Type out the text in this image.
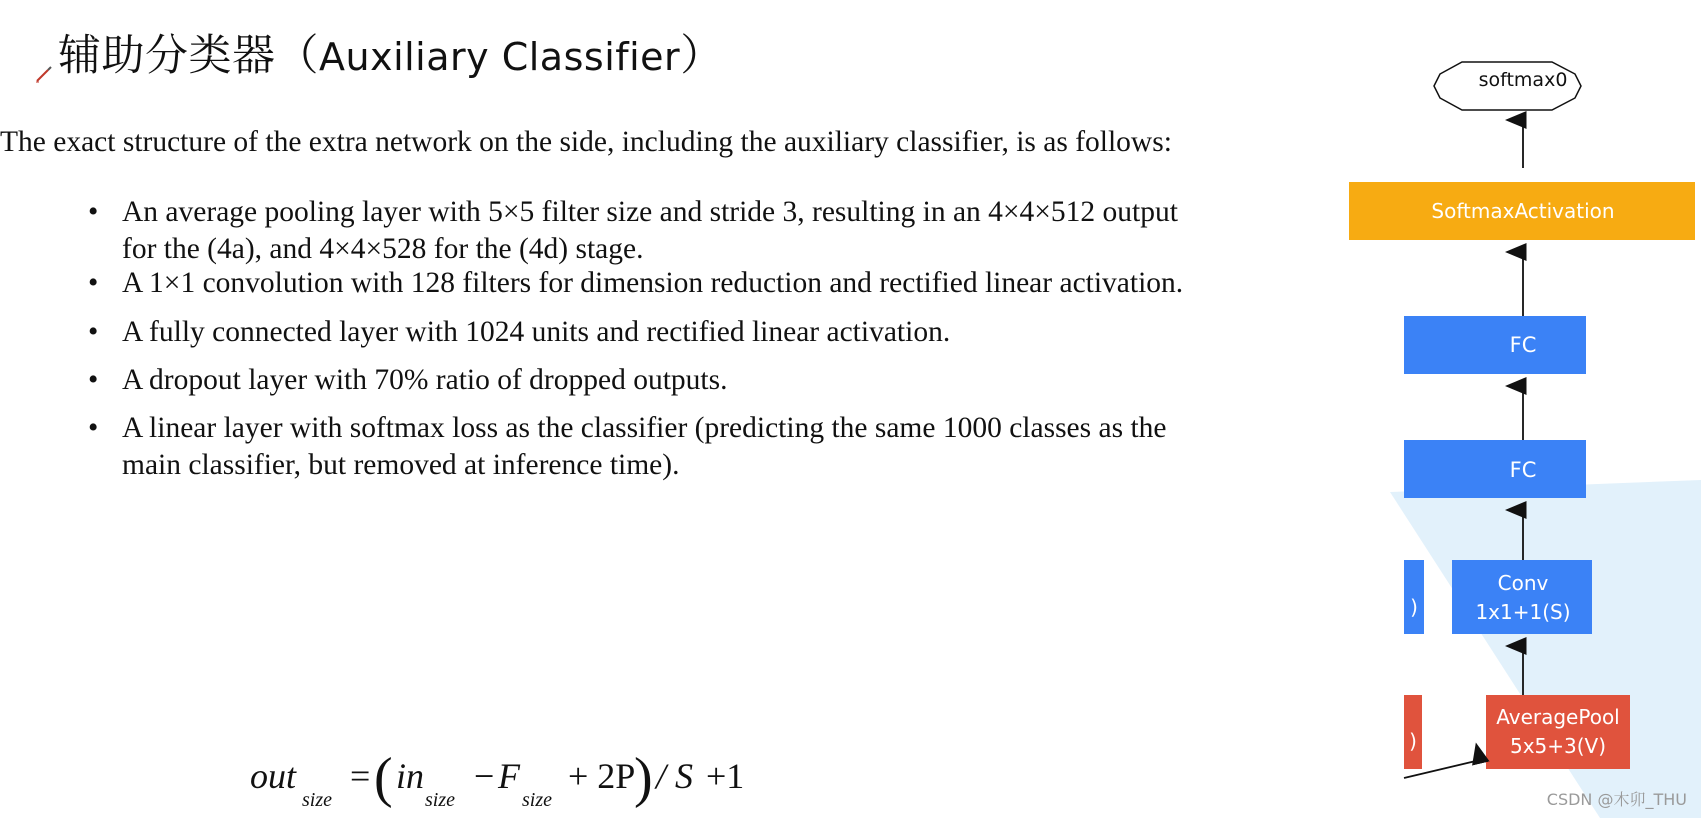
辅助分类器（Auxiliary Classifier）
The exact structure of the extra network on the side, including the auxiliary classifier, is as follows:
• An average pooling layer with 5×5 filter size and stride 3, resulting in an 4×4×512 output
for the (4a), and 4×4×528 for the (4d) stage.
• A 1×1 convolution with 128 filters for dimension reduction and rectified linear activation.
• A fully connected layer with 1024 units and rectified linear activation.
• A dropout layer with 70% ratio of dropped outputs.
• A linear layer with softmax loss as the classifier (predicting the same 1000 classes as the
main classifier, but removed at inference time).
out
size
= ( in
size
− F
size
+ 2P
) / S +1
softmax0
SoftmaxActivation
FC
FC
)
Conv
1x1+1(S)
)
AveragePool
5x5+3(V)
CSDN @木卯_THU
